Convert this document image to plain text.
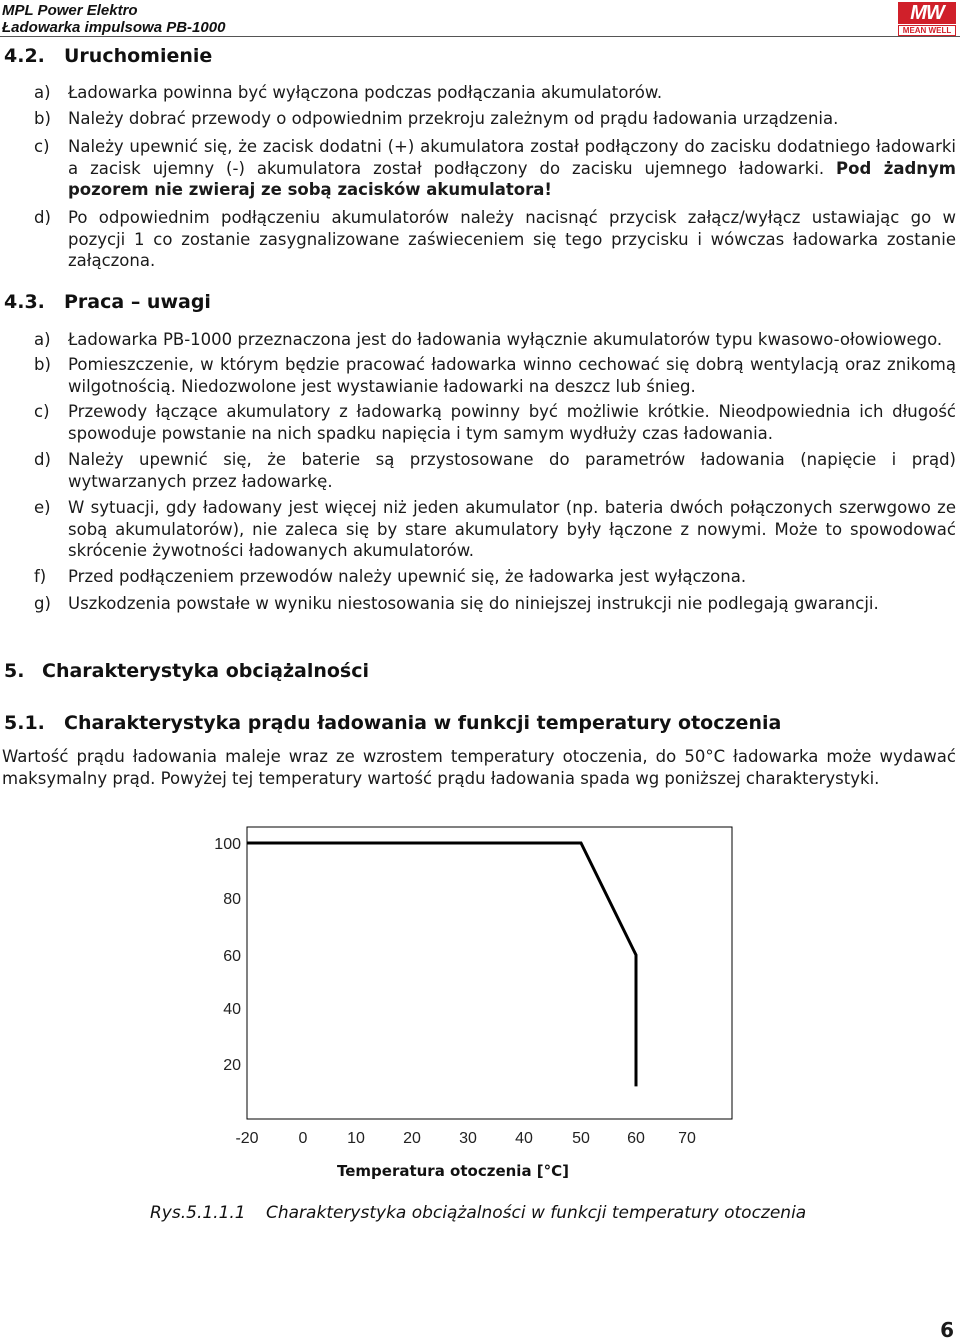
MPL Power Elektro
Ładowarka impulsowa PB-1000
MW
MEAN WELL
4.2. Uruchomienie
a) Ładowarka powinna być wyłączona podczas podłączania akumulatorów.
b) Należy dobrać przewody o odpowiednim przekroju zależnym od prądu ładowania urządzenia.
c) Należy upewnić się, że zacisk dodatni (+) akumulatora został podłączony do zacisku dodatniego ładowarki a zacisk ujemny (-) akumulatora został podłączony do zacisku ujemnego ładowarki. Pod żadnym pozorem nie zwieraj ze sobą zacisków akumulatora!
d) Po odpowiednim podłączeniu akumulatorów należy nacisnąć przycisk załącz/wyłącz ustawiając go w pozycji 1 co zostanie zasygnalizowane zaświeceniem się tego przycisku i wówczas ładowarka zostanie załączona.
4.3. Praca – uwagi
a) Ładowarka PB-1000 przeznaczona jest do ładowania wyłącznie akumulatorów typu kwasowo-ołowiowego.
b) Pomieszczenie, w którym będzie pracować ładowarka winno cechować się dobrą wentylacją oraz znikomą wilgotnością. Niedozwolone jest wystawianie ładowarki na deszcz lub śnieg.
c) Przewody łączące akumulatory z ładowarką powinny być możliwie krótkie. Nieodpowiednia ich długość spowoduje powstanie na nich spadku napięcia i tym samym wydłuży czas ładowania.
d) Należy upewnić się, że baterie są przystosowane do parametrów ładowania (napięcie i prąd) wytwarzanych przez ładowarkę.
e) W sytuacji, gdy ładowany jest więcej niż jeden akumulator (np. bateria dwóch połączonych szerwgowo ze sobą akumulatorów), nie zaleca się by stare akumulatory były łączone z nowymi. Może to spowodować skrócenie żywotności ładowanych akumulatorów.
f) Przed podłączeniem przewodów należy upewnić się, że ładowarka jest wyłączona.
g) Uszkodzenia powstałe w wyniku niestosowania się do niniejszej instrukcji nie podlegają gwarancji.
5. Charakterystyka obciążalności
5.1. Charakterystyka prądu ładowania w funkcji temperatury otoczenia
Wartość prądu ładowania maleje wraz ze wzrostem temperatury otoczenia, do 50°C ładowarka może wydawać maksymalny prąd. Powyżej tej temperatury wartość prądu ładowania spada wg poniższej charakterystyki.
20
40
60
80
100
-20 0 10 20 30 40 50 60 70
Temperatura otoczenia [°C]
Rys.5.1.1.1 Charakterystyka obciążalności w funkcji temperatury otoczenia
6
